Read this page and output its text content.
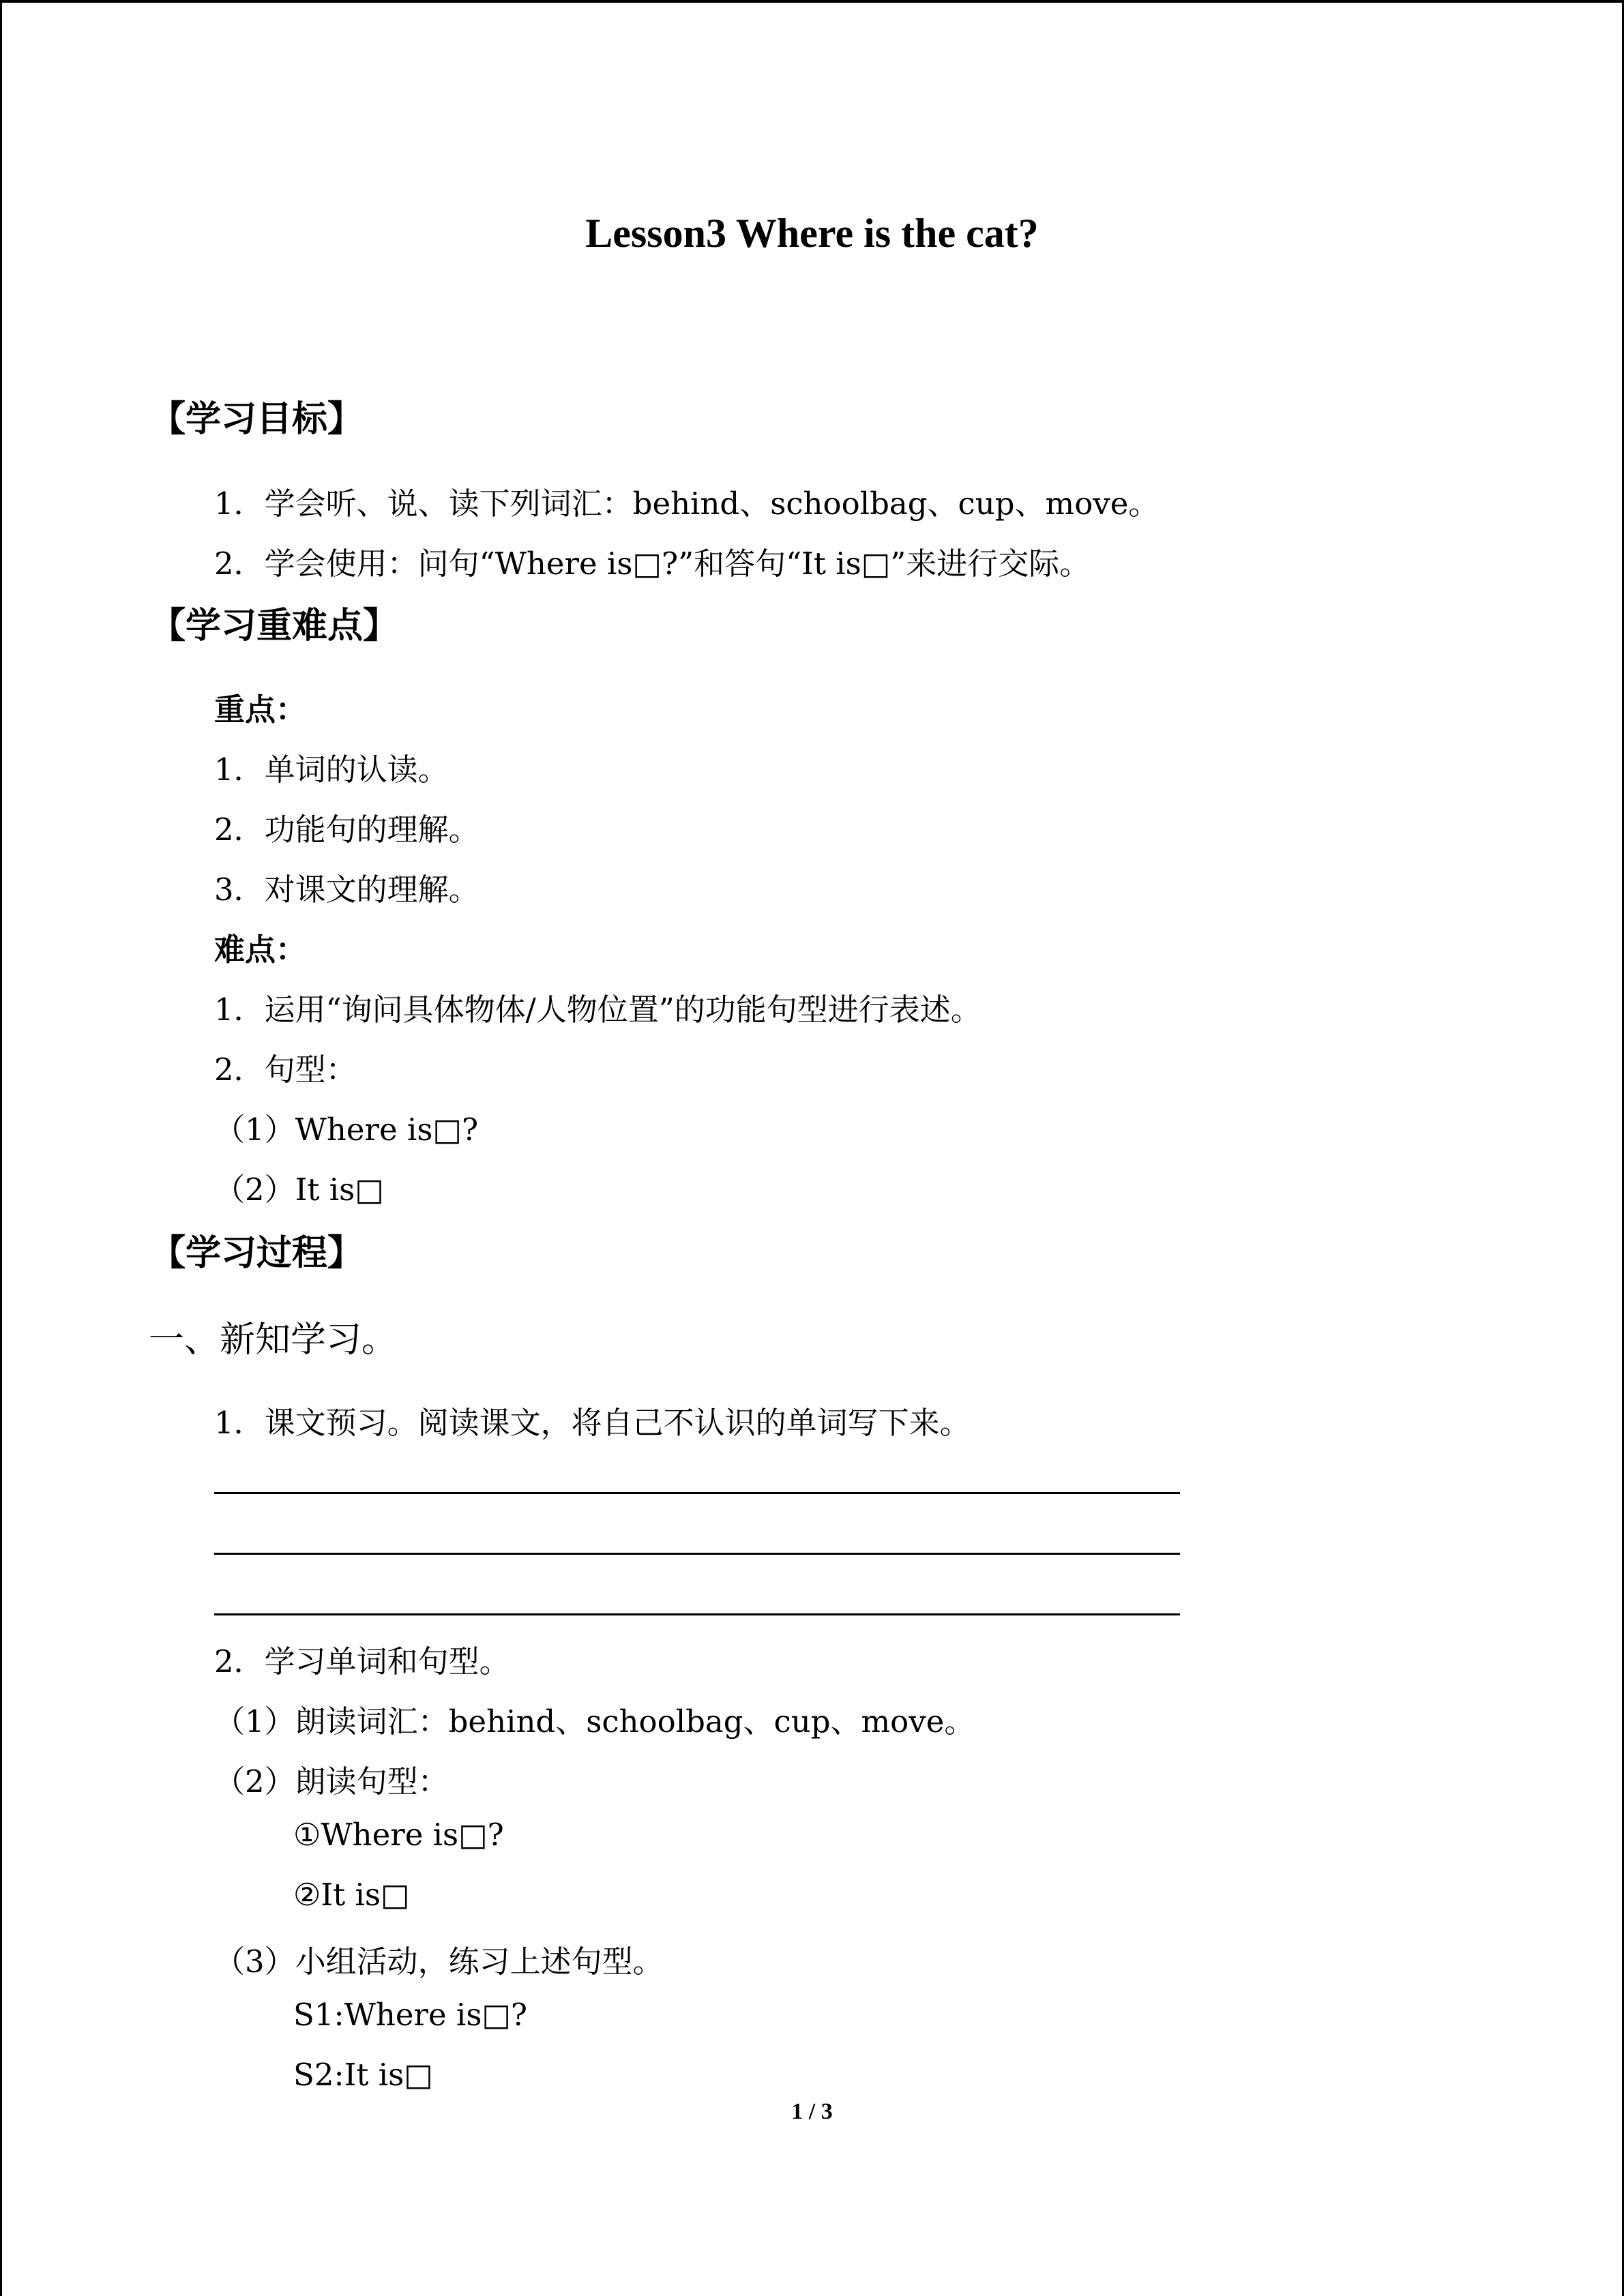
Lesson3 Where is the cat?
【学习目标】
1．学会听、说、读下列词汇：behind、schoolbag、cup、move。
2．学会使用：问句“Where is□?”和答句“It is□”来进行交际。
【学习重难点】
重点：
1．单词的认读。
2．功能句的理解。
3．对课文的理解。
难点：
1．运用“询问具体物体/人物位置”的功能句型进行表述。
2．句型：
（1）Where is□?
（2）It is□
【学习过程】
一、新知学习。
1．课文预习。阅读课文，将自己不认识的单词写下来。
2．学习单词和句型。
（1）朗读词汇：behind、schoolbag、cup、move。
（2）朗读句型：
①Where is□?
②It is□
（3）小组活动，练习上述句型。
S1:Where is□?
S2:It is□
1 / 3
